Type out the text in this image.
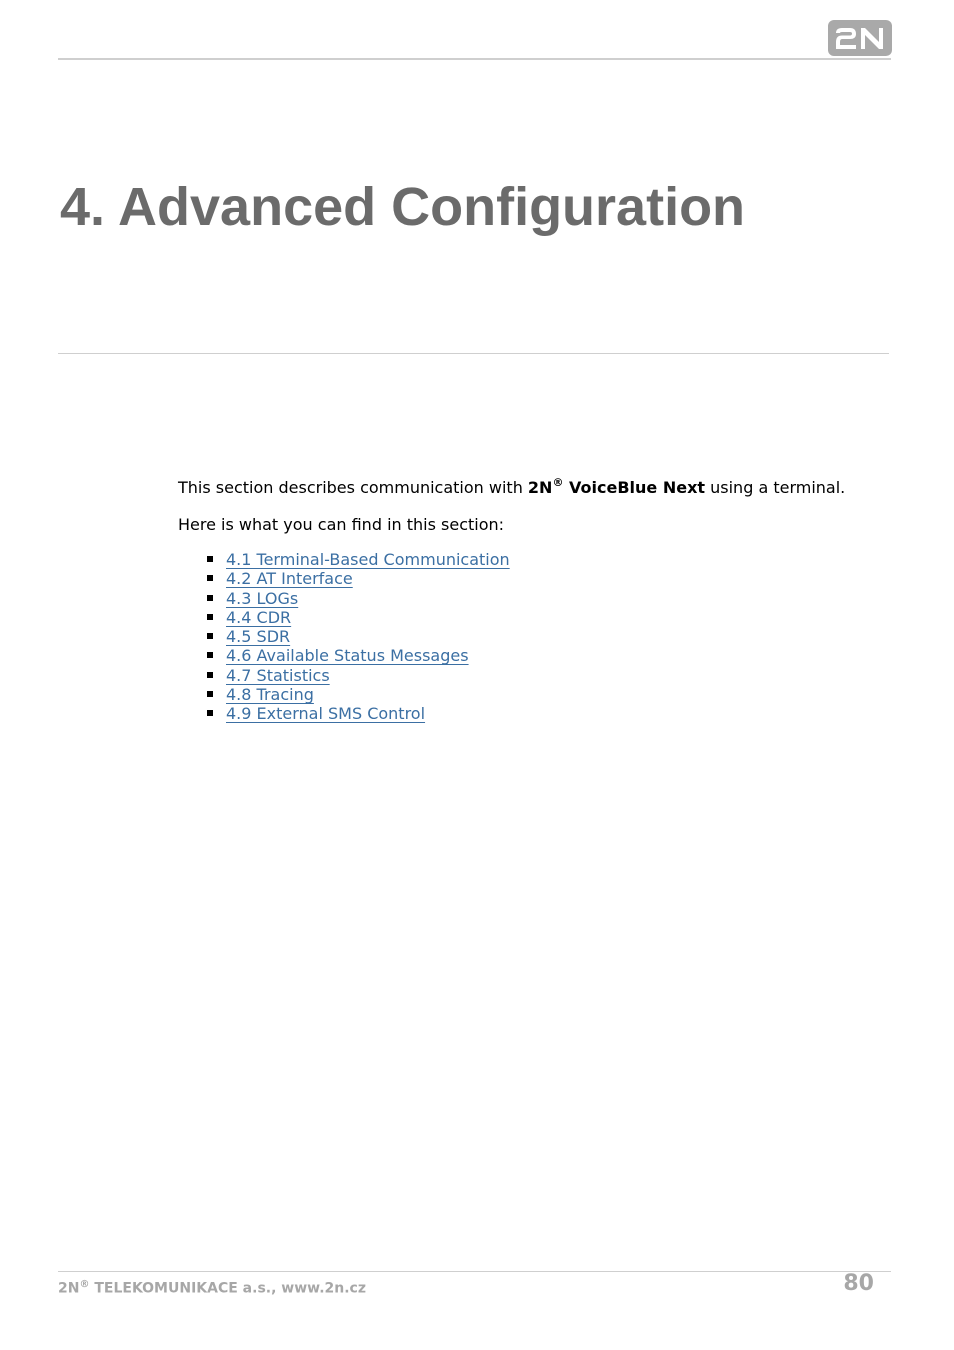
4. Advanced Configuration

This section describes communication with 2N® VoiceBlue Next using a terminal.

Here is what you can find in this section:

4.1 Terminal-Based Communication
4.2 AT Interface
4.3 LOGs
4.4 CDR
4.5 SDR
4.6 Available Status Messages
4.7 Statistics
4.8 Tracing
4.9 External SMS Control
2N® TELEKOMUNIKACE a.s., www.2n.cz	80
